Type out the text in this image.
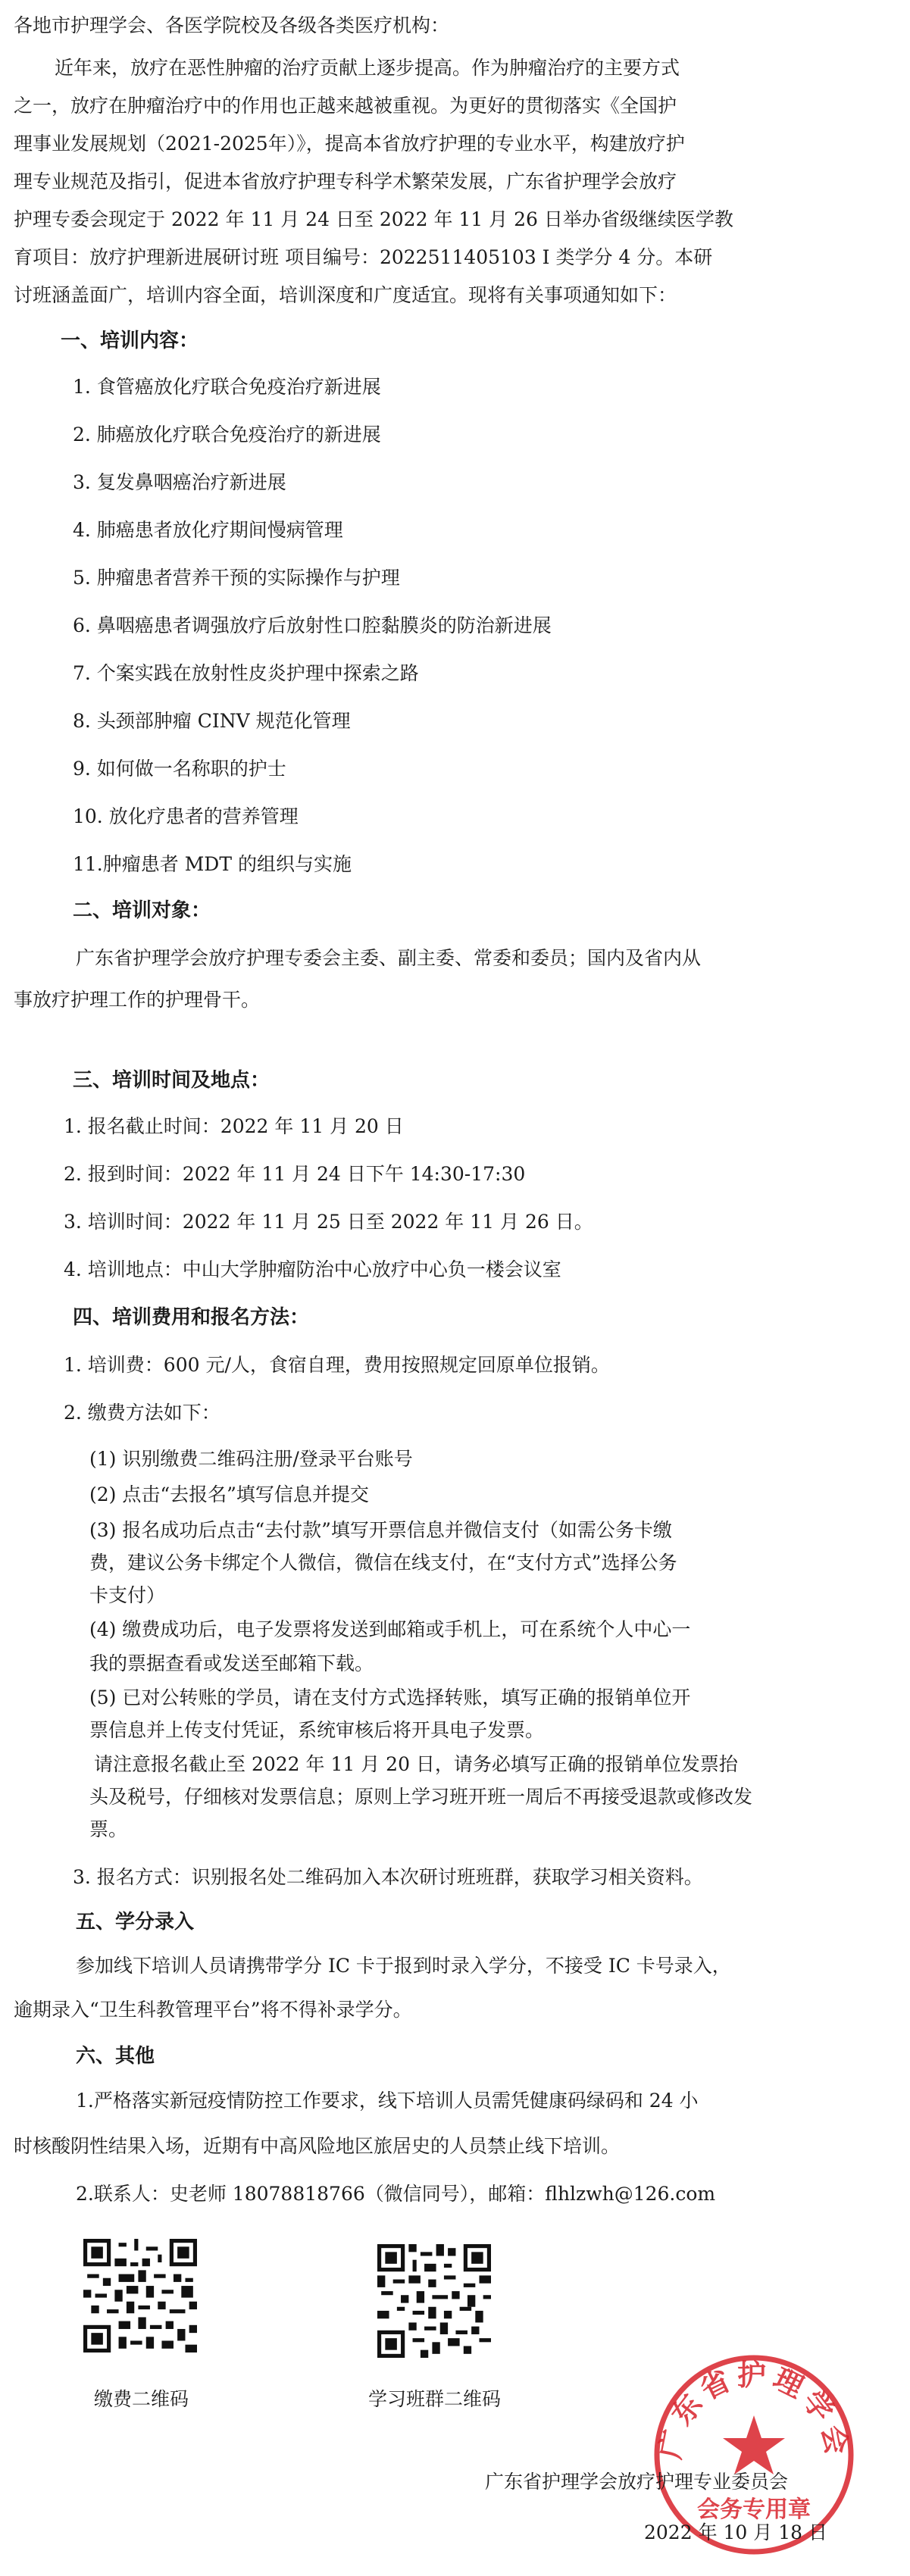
各地市护理学会、各医学院校及各级各类医疗机构：
近年来，放疗在恶性肿瘤的治疗贡献上逐步提高。作为肿瘤治疗的主要方式
之一，放疗在肿瘤治疗中的作用也正越来越被重视。为更好的贯彻落实《全国护
理事业发展规划（2021-2025年）》，提高本省放疗护理的专业水平，构建放疗护
理专业规范及指引，促进本省放疗护理专科学术繁荣发展，广东省护理学会放疗
护理专委会现定于 2022 年 11 月 24 日至 2022 年 11 月 26 日举办省级继续医学教
育项目：放疗护理新进展研讨班 项目编号：2022511405103 I 类学分 4 分。本研
讨班涵盖面广，培训内容全面，培训深度和广度适宜。现将有关事项通知如下：
一、培训内容：
1. 食管癌放化疗联合免疫治疗新进展
2. 肺癌放化疗联合免疫治疗的新进展
3. 复发鼻咽癌治疗新进展
4. 肺癌患者放化疗期间慢病管理
5. 肿瘤患者营养干预的实际操作与护理
6. 鼻咽癌患者调强放疗后放射性口腔黏膜炎的防治新进展
7. 个案实践在放射性皮炎护理中探索之路
8. 头颈部肿瘤 CINV 规范化管理
9. 如何做一名称职的护士
10. 放化疗患者的营养管理
11.肿瘤患者 MDT 的组织与实施
二、培训对象：
广东省护理学会放疗护理专委会主委、副主委、常委和委员；国内及省内从
事放疗护理工作的护理骨干。
三、培训时间及地点：
1. 报名截止时间：2022 年 11 月 20 日
2. 报到时间：2022 年 11 月 24 日下午 14:30-17:30
3. 培训时间：2022 年 11 月 25 日至 2022 年 11 月 26 日。
4. 培训地点：中山大学肿瘤防治中心放疗中心负一楼会议室
四、培训费用和报名方法：
1. 培训费：600 元/人，食宿自理，费用按照规定回原单位报销。
2. 缴费方法如下：
(1) 识别缴费二维码注册/登录平台账号
(2) 点击“去报名”填写信息并提交
(3) 报名成功后点击“去付款”填写开票信息并微信支付（如需公务卡缴
费，建议公务卡绑定个人微信，微信在线支付，在“支付方式”选择公务
卡支付）
(4) 缴费成功后，电子发票将发送到邮箱或手机上，可在系统个人中心一
我的票据查看或发送至邮箱下载。
(5) 已对公转账的学员，请在支付方式选择转账，填写正确的报销单位开
票信息并上传支付凭证，系统审核后将开具电子发票。
请注意报名截止至 2022 年 11 月 20 日，请务必填写正确的报销单位发票抬
头及税号，仔细核对发票信息；原则上学习班开班一周后不再接受退款或修改发
票。
3. 报名方式：识别报名处二维码加入本次研讨班班群，获取学习相关资料。
五、学分录入
参加线下培训人员请携带学分 IC 卡于报到时录入学分，不接受 IC 卡号录入，
逾期录入“卫生科教管理平台”将不得补录学分。
六、其他
1.严格落实新冠疫情防控工作要求，线下培训人员需凭健康码绿码和 24 小
时核酸阴性结果入场，近期有中高风险地区旅居史的人员禁止线下培训。
2.联系人：史老师 18078818766（微信同号），邮箱：flhlzwh@126.com
缴费二维码	学习班群二维码
广东省护理学会
会务专用章
广东省护理学会放疗护理专业委员会
2022 年 10 月 18 日
